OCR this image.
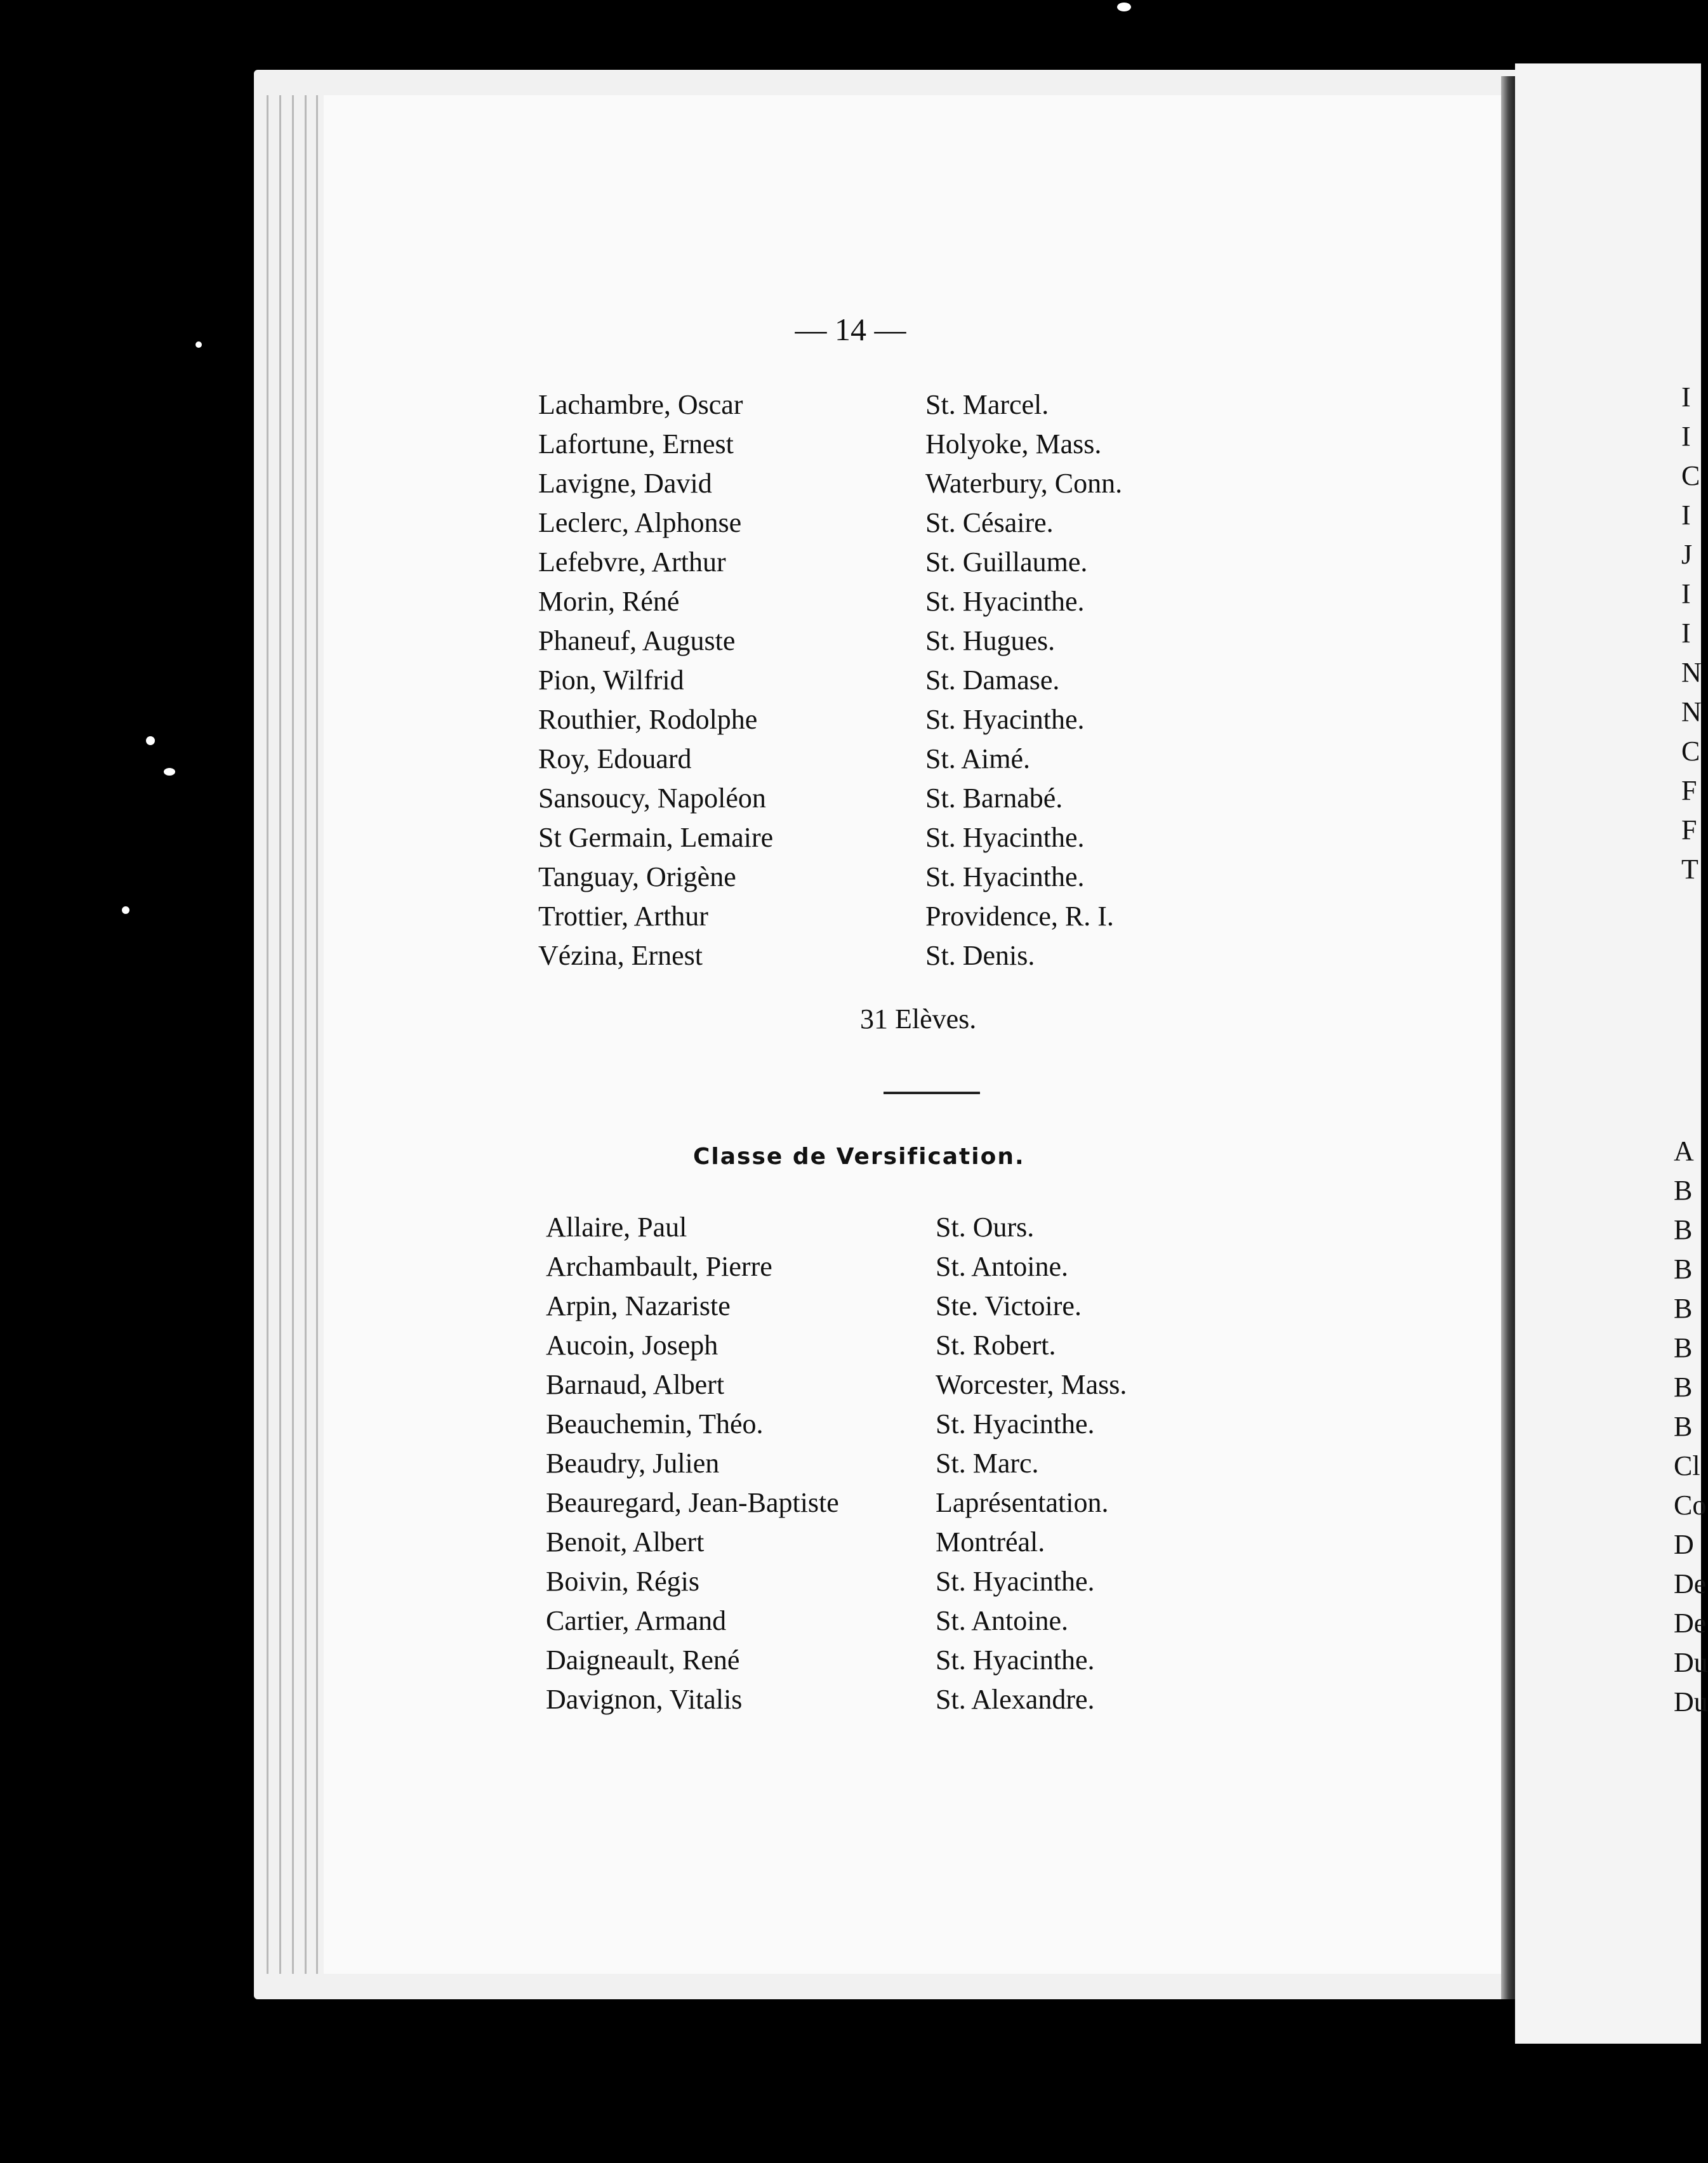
I
I
C
I
J
I
I
N
N
C
F
F
T
A
B
B
B
B
B
B
B
Cl
Co
D
De
De
Du
Du
— 14 —
Lachambre, Oscar	St. Marcel.
Lafortune, Ernest	Holyoke, Mass.
Lavigne, David	Waterbury, Conn.
Leclerc, Alphonse	St. Césaire.
Lefebvre, Arthur	St. Guillaume.
Morin, Réné	St. Hyacinthe.
Phaneuf, Auguste	St. Hugues.
Pion, Wilfrid	St. Damase.
Routhier, Rodolphe	St. Hyacinthe.
Roy, Edouard	St. Aimé.
Sansoucy, Napoléon	St. Barnabé.
St Germain, Lemaire	St. Hyacinthe.
Tanguay, Origène	St. Hyacinthe.
Trottier, Arthur	Providence, R. I.
Vézina, Ernest	St. Denis.
31 Elèves.
Classe de Versification.
Allaire, Paul	St. Ours.
Archambault, Pierre	St. Antoine.
Arpin, Nazariste	Ste. Victoire.
Aucoin, Joseph	St. Robert.
Barnaud, Albert	Worcester, Mass.
Beauchemin, Théo.	St. Hyacinthe.
Beaudry, Julien	St. Marc.
Beauregard, Jean-Baptiste	Laprésentation.
Benoit, Albert	Montréal.
Boivin, Régis	St. Hyacinthe.
Cartier, Armand	St. Antoine.
Daigneault, René	St. Hyacinthe.
Davignon, Vitalis	St. Alexandre.
